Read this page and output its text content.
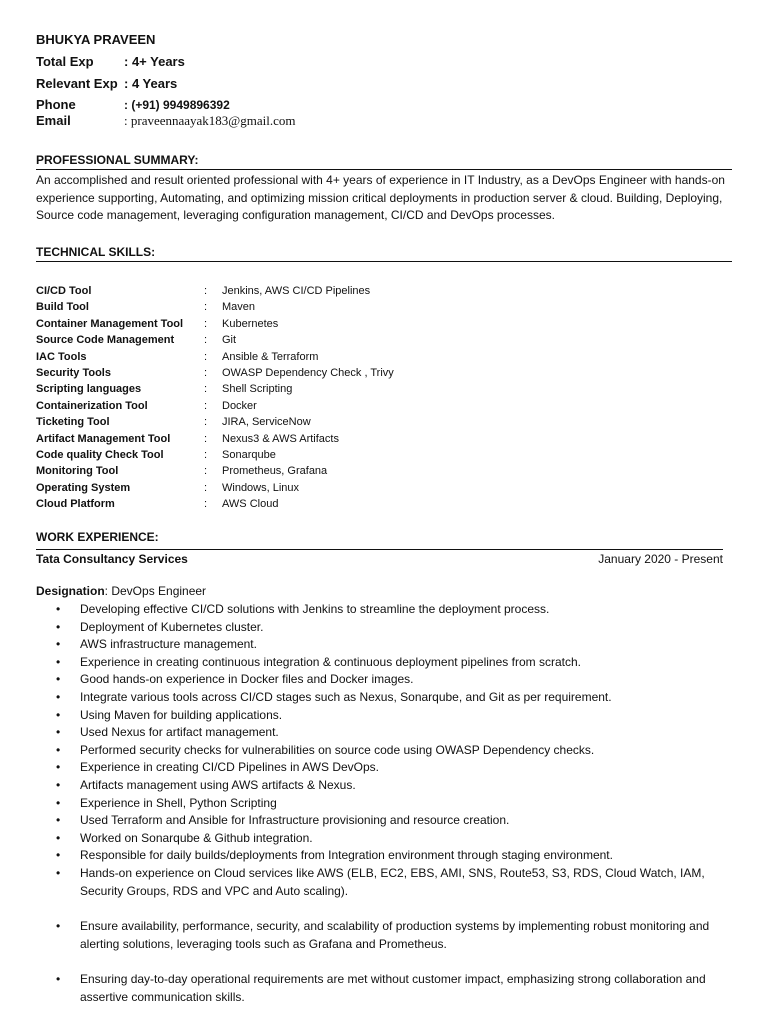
BHUKYA PRAVEEN
Total Exp : 4+ Years
Relevant Exp : 4 Years
Phone	: (+91) 9949896392
Email	: praveennaayak183@gmail.com
PROFESSIONAL SUMMARY:
An accomplished and result oriented professional with 4+ years of experience in IT Industry, as a DevOps Engineer with hands-on experience supporting, Automating, and optimizing mission critical deployments in production server & cloud. Building, Deploying, Source code management, leveraging configuration management, CI/CD and DevOps processes.
TECHNICAL SKILLS:
CI/CD Tool	: Jenkins, AWS CI/CD Pipelines
Build Tool	: Maven
Container Management Tool : Kubernetes
Source Code Management	: Git
IAC Tools	: Ansible & Terraform
Security Tools	: OWASP Dependency Check , Trivy
Scripting languages	: Shell Scripting
Containerization Tool	:Docker
Ticketing Tool	: JIRA, ServiceNow
Artifact Management Tool	: Nexus3 & AWS Artifacts
Code quality Check Tool	: Sonarqube
Monitoring Tool	: Prometheus, Grafana
Operating System	: Windows, Linux
Cloud Platform	:AWS Cloud
WORK EXPERIENCE:
Tata Consultancy Services	January 2020 - Present
Designation: DevOps Engineer
• Developing effective CI/CD solutions with Jenkins to streamline the deployment process.
• Deployment of Kubernetes cluster.
• AWS infrastructure management.
• Experience in creating continuous integration & continuous deployment pipelines from scratch.
• Good hands-on experience in Docker files and Docker images.
• Integrate various tools across CI/CD stages such as Nexus, Sonarqube, and Git as per requirement.
• Using Maven for building applications.
• Used Nexus for artifact management.
• Performed security checks for vulnerabilities on source code using OWASP Dependency checks.
• Experience in creating CI/CD Pipelines in AWS DevOps.
• Artifacts management using AWS artifacts & Nexus.
• Experience in Shell, Python Scripting
• Used Terraform and Ansible for Infrastructure provisioning and resource creation.
• Worked on Sonarqube & Github integration.
• Responsible for daily builds/deployments from Integration environment through staging environment.
• Hands-on experience on Cloud services like AWS (ELB, EC2, EBS, AMI, SNS, Route53, S3, RDS, Cloud Watch, IAM, Security Groups, RDS and VPC and Auto scaling).
• Ensure availability, performance, security, and scalability of production systems by implementing robust monitoring and alerting solutions, leveraging tools such as Grafana and Prometheus.
• Ensuring day-to-day operational requirements are met without customer impact, emphasizing strong collaboration and assertive communication skills.
